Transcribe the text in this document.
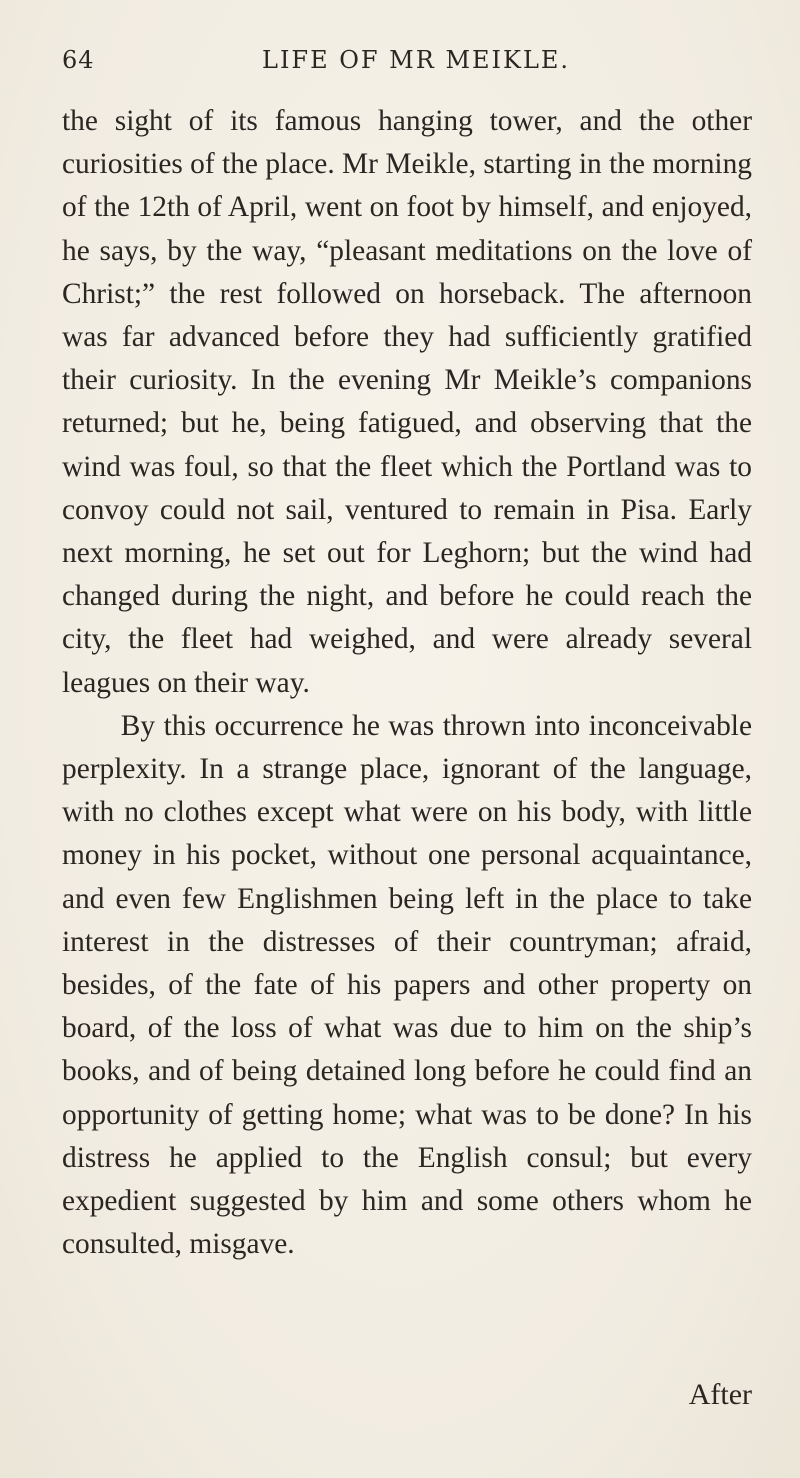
64	LIFE OF MR MEIKLE.

the sight of its famous hanging tower, and the other curiosities of the place. Mr Meikle, starting in the morning of the 12th of April, went on foot by himself, and enjoyed, he says, by the way, “pleasant meditations on the love of Christ;” the rest followed on horseback. The afternoon was far advanced before they had sufficiently gratified their curiosity. In the evening Mr Meikle’s companions returned; but he, being fatigued, and observing that the wind was foul, so that the fleet which the Portland was to convoy could not sail, ventured to remain in Pisa. Early next morning, he set out for Leghorn; but the wind had changed during the night, and before he could reach the city, the fleet had weighed, and were already several leagues on their way.

By this occurrence he was thrown into inconceivable perplexity. In a strange place, ignorant of the language, with no clothes except what were on his body, with little money in his pocket, without one personal acquaintance, and even few Englishmen being left in the place to take interest in the distresses of their countryman; afraid, besides, of the fate of his papers and other property on board, of the loss of what was due to him on the ship’s books, and of being detained long before he could find an opportunity of getting home; what was to be done? In his distress he applied to the English consul; but every expedient suggested by him and some others whom he consulted, misgave.

After
